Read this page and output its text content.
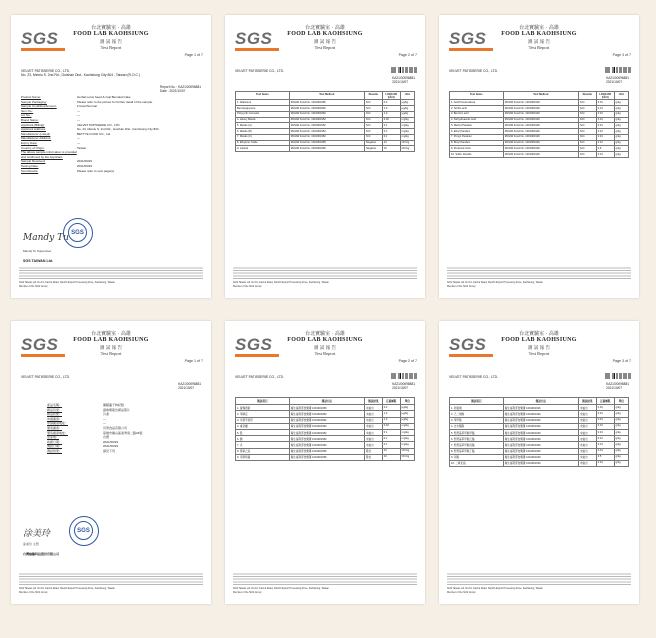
SGS
台北實驗室 · 高雄
FOOD LAB KAOHSIUNG
測 試 報 告
Test Report
Page 1 of 7
VELVET PATISSERIE CO., LTD.
No. 23, Meixiu S. 2nd Rd., Guishan Dist., Kaohsiung City 804 , Taiwan (R.O.C.)
Report No. : KA21/00096881
Date : 2021/10/07
Product Name:	Herbal Lotus Seed & Goji Blended Cake
Sample Packaging:	Please refer to the picture for further detail of the sample.
Sample Condition/Amount:	Frozen/Normal
Item No.:	—
Lot No.:	—
Brand Name:	—
Applicant (Billing):	VELVET PATISSERIE CO., LTD.
Applicant Address:	No. 23, Meixiu S. 2nd Rd., Guishan Dist., Kaohsiung City 804
Manufacturer (Listed):	BETTYE FOOD CO., Ltd.
Manufacturer Address:	—
Expiry Date:	—
Country of Origin:	Taiwan
The above sample information is provided and confirmed by the Applicant.
Sample Received:	2021/09/29
Testing Date:	2021/09/29
Test Results:	Please refer to next page(s).
Mandy Tu
Mandy Tu Supervisor
SGS TAIWAN Ltd.
SGS
SGS Taiwan Ltd. No.61, Kai-Fa Road, Nanzih Export Processing Zone, Kaohsiung, Taiwan
Member of the SGS Group
SGS
台北實驗室 · 高雄
FOOD LAB KAOHSIUNG
測 試 報 告
Test Report
Page 2 of 7
VELVET PATISSERIE CO., LTD.
KA21/00096881
2021/10/07
Test Items	Test Method	Results	LOQ/LOD (Unit)	Unit
1. Aflatoxins	MOHW Food No. 1091901956	N.D.	0.2	μg/kg
Benzo(a)pyrene	MOHW Food No. 1091901892	N.D.	1.0	μg/kg
Polycyclic Aromatic	MOHW Food No. 1091901892	N.D.	1.0	μg/kg
4. Heavy Metals	MOHW Food No. 1091901952	N.D.	0.02	mg/kg
5. Metals (A)	MOHW Food No. 1091901952	N.D.	0.1	mg/kg
6. Metals (B)	MOHW Food No. 1091901952	N.D.	0.1	mg/kg
7. Metals (C)	MOHW Food No. 1091901952	N.D.	0.1	mg/kg
8. Ethylene Oxide	MOHW Food No. 1091901965	Negative	10	CFU/g
9. Listeria	MOHW Food No. 1091901965	Negative	10	CFU/g
SGS Taiwan Ltd. No.61, Kai-Fa Road, Nanzih Export Processing Zone, Kaohsiung, Taiwan
Member of the SGS Group
SGS
台北實驗室 · 高雄
FOOD LAB KAOHSIUNG
測 試 報 告
Test Report
Page 3 of 7
VELVET PATISSERIE CO., LTD.
KA21/00096881
2021/10/07
Test Items	Test Method	Results	LOQ/LOD (Unit)	Unit
1. Acid Preservatives	MOHW Food No. 1091901926	N.D.	0.01	g/kg
2. Sorbic acid	MOHW Food No. 1091901926	N.D.	0.01	g/kg
3. Benzoic acid	MOHW Food No. 1091901926	N.D.	0.01	g/kg
4. Dehydroacetic acid	MOHW Food No. 1091901926	N.D.	0.01	g/kg
5. Methyl Paraben	MOHW Food No. 1091901926	N.D.	0.01	g/kg
6. Ethyl Paraben	MOHW Food No. 1091901926	N.D.	0.01	g/kg
7. Propyl Paraben	MOHW Food No. 1091901926	N.D.	0.01	g/kg
8. Butyl Paraben	MOHW Food No. 1091901926	N.D.	0.01	g/kg
9. Propionic Acid	MOHW Food No. 1091901926	N.D.	0.5	g/kg
10. Sulfur Dioxide	MOHW Food No. 1091901926	N.D.	0.01	g/kg
SGS Taiwan Ltd. No.61, Kai-Fa Road, Nanzih Export Processing Zone, Kaohsiung, Taiwan
Member of the SGS Group
SGS
台北實驗室 · 高雄
FOOD LAB KAOHSIUNG
測 試 報 告
Test Report
Page 1 of 7
VELVET PATISSERIE CO., LTD.
KA21/00096881
2021/10/07
產品名稱：	藥膳蓮子枸杞糕
樣品包裝：	請參閱報告樣品照片
樣品狀態：	冷凍
申請廠商：	—
申請廠商地址：	—
製造廠商：	貝蒂食品有限公司
製造廠商地址：	高雄市龜山區美秀南二路23號
原產地：	台灣
收樣日期：	2021/09/29
測試日期：	2021/09/29
測試結果：	請見下頁
涂美玲
涂美玲 主管
台灣檢驗科技股份有限公司
SGS
SGS Taiwan Ltd. No.61, Kai-Fa Road, Nanzih Export Processing Zone, Kaohsiung, Taiwan
Member of the SGS Group
SGS
台北實驗室 · 高雄
FOOD LAB KAOHSIUNG
測 試 報 告
Test Report
Page 2 of 7
VELVET PATISSERIE CO., LTD.
KA21/00096881
2021/10/07
測試項目	測試方法	測試結果	定量極限	單位
1. 黃麴毒素	衛生福利部食藥署 1091901956	未檢出	0.2	μg/kg
2. 苯駢芘	衛生福利部食藥署 1091901892	未檢出	1.0	μg/kg
3. 多環芳香烴	衛生福利部食藥署 1091901892	未檢出	1.0	μg/kg
4. 重金屬	衛生福利部食藥署 1091901952	未檢出	0.02	mg/kg
5. 鉛	衛生福利部食藥署 1091901952	未檢出	0.1	mg/kg
6. 鎘	衛生福利部食藥署 1091901952	未檢出	0.1	mg/kg
7. 汞	衛生福利部食藥署 1091901952	未檢出	0.1	mg/kg
8. 環氧乙烷	衛生福利部食藥署 1091901965	陰性	10	CFU/g
9. 李斯特菌	衛生福利部食藥署 1091901965	陰性	10	CFU/g
SGS Taiwan Ltd. No.61, Kai-Fa Road, Nanzih Export Processing Zone, Kaohsiung, Taiwan
Member of the SGS Group
SGS
台北實驗室 · 高雄
FOOD LAB KAOHSIUNG
測 試 報 告
Test Report
Page 3 of 7
VELVET PATISSERIE CO., LTD.
KA21/00096881
2021/10/07
測試項目	測試方法	測試結果	定量極限	單位
1. 防腐劑	衛生福利部食藥署 1091901926	未檢出	0.01	g/kg
2. 己二烯酸	衛生福利部食藥署 1091901926	未檢出	0.01	g/kg
3. 苯甲酸	衛生福利部食藥署 1091901926	未檢出	0.01	g/kg
4. 去水醋酸	衛生福利部食藥署 1091901926	未檢出	0.01	g/kg
5. 對羥基苯甲酸甲酯	衛生福利部食藥署 1091901926	未檢出	0.01	g/kg
6. 對羥基苯甲酸乙酯	衛生福利部食藥署 1091901926	未檢出	0.01	g/kg
7. 對羥基苯甲酸丙酯	衛生福利部食藥署 1091901926	未檢出	0.01	g/kg
8. 對羥基苯甲酸丁酯	衛生福利部食藥署 1091901926	未檢出	0.01	g/kg
9. 丙酸	衛生福利部食藥署 1091901926	未檢出	0.5	g/kg
10. 二氧化硫	衛生福利部食藥署 1091901926	未檢出	0.01	g/kg
SGS Taiwan Ltd. No.61, Kai-Fa Road, Nanzih Export Processing Zone, Kaohsiung, Taiwan
Member of the SGS Group
